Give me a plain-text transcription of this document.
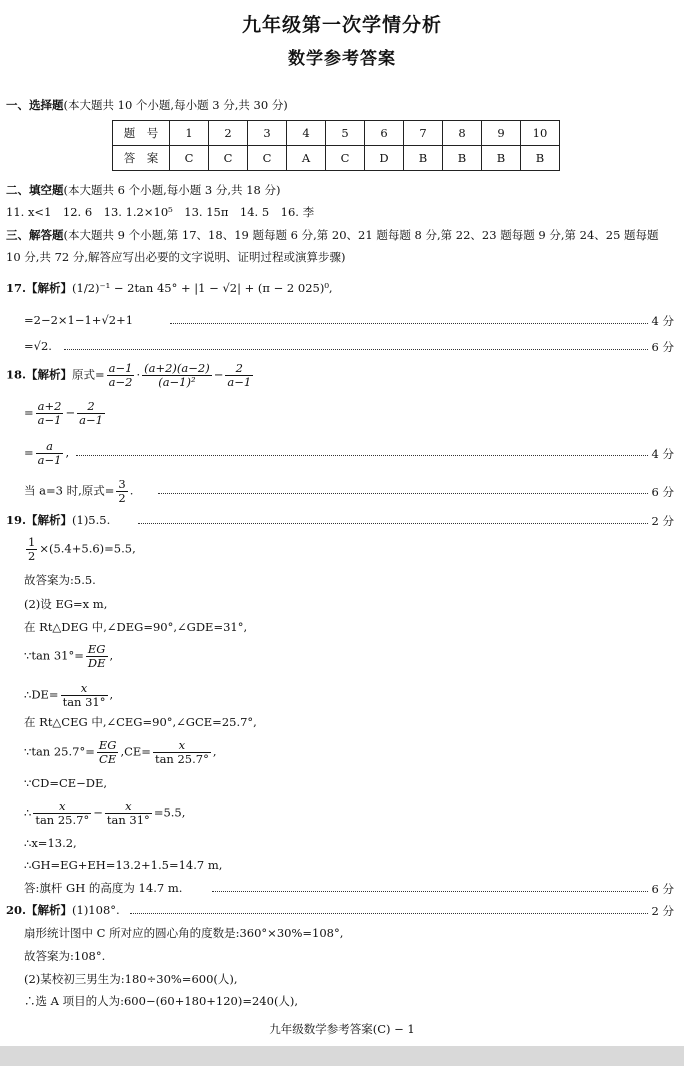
九年级第一次学情分析
数学参考答案
一、选择题(本大题共 10 个小题,每小题 3 分,共 30 分)
题　号	1	2	3	4	5	6	7	8	9	10
答　案	C	C	C	A	C	D	B	B	B	B
二、填空题(本大题共 6 个小题,每小题 3 分,共 18 分)
11. x<1　12. 6　13. 1.2×10⁵　13. 15π　14. 5　16. 李
三、解答题(本大题共 9 个小题,第 17、18、19 题每题 6 分,第 20、21 题每题 8 分,第 22、23 题每题 9 分,第 24、25 题每题
10 分,共 72 分,解答应写出必要的文字说明、证明过程或演算步骤)
17.【解析】(1/2)⁻¹ − 2tan 45° + |1 − √2| + (π − 2 025)⁰,
=2−2×1−1+√2+1	4 分
=√2.	6 分
18.【解析】原式= $\frac{a-1}{a-2} \cdot \frac{(a+2)(a-2)}{\text{(a−1)²}} - \frac{2}{a-1}$
= $\frac{a+2}{a-1} - \frac{2}{a-1}$
= $\frac{a}{a-1}$ ,	4 分
当 a=3 时,原式= $\frac{3}{2}$ .	6 分
19.【解析】(1)5.5.	2 分
$\frac{1}{2} \times(5.4+5.6)=5.5$,
故答案为:5.5.
(2)设 EG=x m,
在 Rt△DEG 中,∠DEG=90°,∠GDE=31°,
∵tan $31^\circ= \frac{EG}{DE}$ ,
∴DE= $\frac{x}{\tan 31^\circ}$ ,
在 Rt△CEG 中,∠CEG=90°,∠GCE=25.7°,
∵tan $25.7^\circ= \frac{EG}{CE} ,CE= \frac{x}{\tan 25.7^\circ}$ ,
∵CD=CE−DE,
∴ $\frac{x}{\tan 25.7^\circ} - \frac{x}{\tan 31^\circ} =5.5$,
∴x=13.2,
∴GH=EG+EH=13.2+1.5=14.7 m,
答:旗杆 GH 的高度为 14.7 m.	6 分
20.【解析】(1)108°.	2 分
扇形统计图中 C 所对应的圆心角的度数是:360°×30%=108°,
故答案为:108°.
(2)某校初三男生为:180÷30%=600(人),
∴选 A 项目的人为:600−(60+180+120)=240(人),
九年级数学参考答案(C) − 1
